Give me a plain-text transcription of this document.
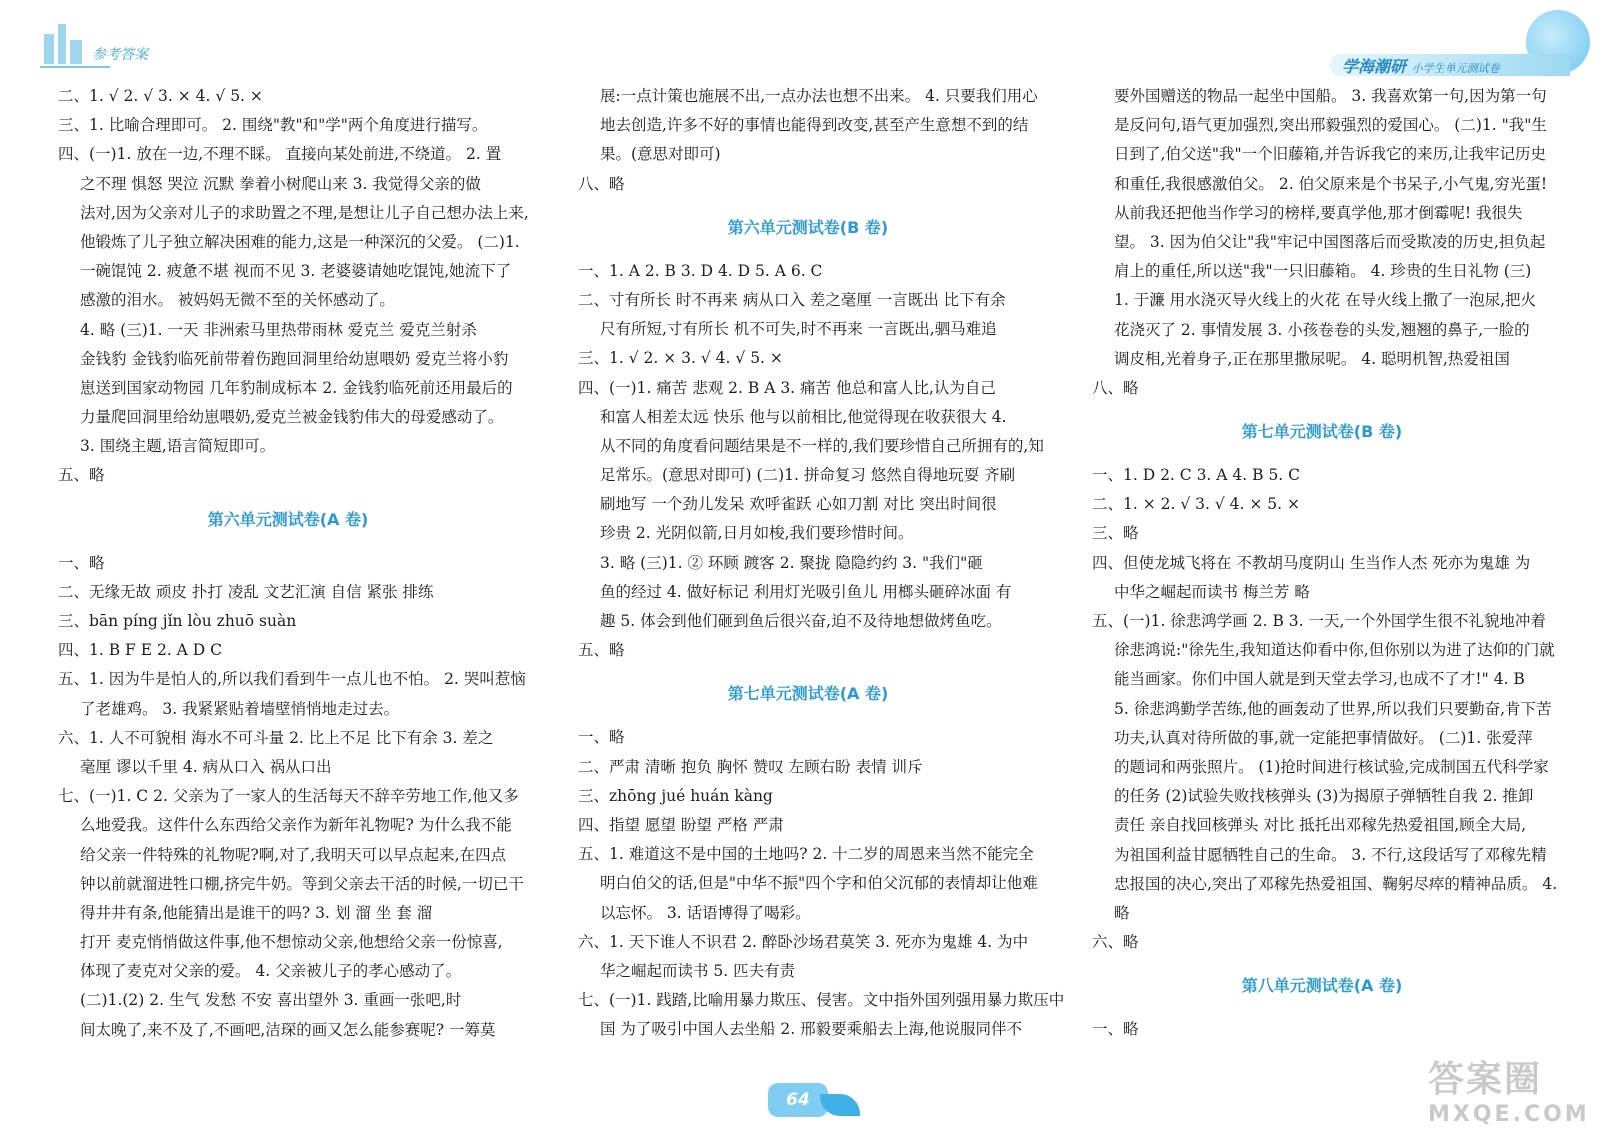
参考答案
学海潮研 小学生单元测试卷
二、1. √ 2. √ 3. × 4. √ 5. ×
三、1. 比喻合理即可。 2. 围绕"教"和"学"两个角度进行描写。
四、(一)1. 放在一边,不理不睬。 直接向某处前进,不绕道。 2. 置
之不理 惧怒 哭泣 沉默 拳着小树爬山来 3. 我觉得父亲的做
法对,因为父亲对儿子的求助置之不理,是想让儿子自己想办法上来,
他锻炼了儿子独立解决困难的能力,这是一种深沉的父爱。 (二)1.
一碗馄饨 2. 疲惫不堪 视而不见 3. 老婆婆请她吃馄饨,她流下了
感激的泪水。 被妈妈无微不至的关怀感动了。
4. 略 (三)1. 一天 非洲索马里热带雨林 爱克兰 爱克兰射杀
金钱豹 金钱豹临死前带着伤跑回洞里给幼崽喂奶 爱克兰将小豹
崽送到国家动物园 几年豹制成标本 2. 金钱豹临死前还用最后的
力量爬回洞里给幼崽喂奶,爱克兰被金钱豹伟大的母爱感动了。
3. 围绕主题,语言简短即可。
五、略
第六单元测试卷(A 卷)
一、略
二、无缘无故 顽皮 扑打 凌乱 文艺汇演 自信 紧张 排练
三、bān píng jǐn lòu zhuō suàn
四、1. B F E 2. A D C
五、1. 因为牛是怕人的,所以我们看到牛一点儿也不怕。 2. 哭叫惹恼
了老雄鸡。 3. 我紧紧贴着墙壁悄悄地走过去。
六、1. 人不可貌相 海水不可斗量 2. 比上不足 比下有余 3. 差之
毫厘 谬以千里 4. 病从口入 祸从口出
七、(一)1. C 2. 父亲为了一家人的生活每天不辞辛劳地工作,他又多
么地爱我。这件什么东西给父亲作为新年礼物呢? 为什么我不能
给父亲一件特殊的礼物呢?啊,对了,我明天可以早点起来,在四点
钟以前就溜进牲口棚,挤完牛奶。等到父亲去干活的时候,一切已干
得井井有条,他能猜出是谁干的吗? 3. 划 溜 坐 套 溜
打开 麦克悄悄做这件事,他不想惊动父亲,他想给父亲一份惊喜,
体现了麦克对父亲的爱。 4. 父亲被儿子的孝心感动了。
(二)1.(2) 2. 生气 发愁 不安 喜出望外 3. 重画一张吧,时
间太晚了,来不及了,不画吧,洁琛的画又怎么能参赛呢? 一筹莫
展:一点计策也施展不出,一点办法也想不出来。 4. 只要我们用心
地去创造,许多不好的事情也能得到改变,甚至产生意想不到的结
果。(意思对即可)
八、略
第六单元测试卷(B 卷)
一、1. A 2. B 3. D 4. D 5. A 6. C
二、寸有所长 时不再来 病从口入 差之毫厘 一言既出 比下有余
尺有所短,寸有所长 机不可失,时不再来 一言既出,驷马难追
三、1. √ 2. × 3. √ 4. √ 5. ×
四、(一)1. 痛苦 悲观 2. B A 3. 痛苦 他总和富人比,认为自己
和富人相差太远 快乐 他与以前相比,他觉得现在收获很大 4.
从不同的角度看问题结果是不一样的,我们要珍惜自己所拥有的,知
足常乐。(意思对即可) (二)1. 拼命复习 悠然自得地玩耍 齐刷
刷地写 一个劲儿发呆 欢呼雀跃 心如刀割 对比 突出时间很
珍贵 2. 光阴似箭,日月如梭,我们要珍惜时间。
3. 略 (三)1. ② 环顾 踱客 2. 聚拢 隐隐约约 3. "我们"砸
鱼的经过 4. 做好标记 利用灯光吸引鱼儿 用榔头砸碎冰面 有
趣 5. 体会到他们砸到鱼后很兴奋,迫不及待地想做烤鱼吃。
五、略
第七单元测试卷(A 卷)
一、略
二、严肃 清晰 抱负 胸怀 赞叹 左顾右盼 表情 训斥
三、zhōng jué huán kàng
四、指望 愿望 盼望 严格 严肃
五、1. 难道这不是中国的土地吗? 2. 十二岁的周恩来当然不能完全
明白伯父的话,但是"中华不振"四个字和伯父沉郁的表情却让他难
以忘怀。 3. 话语博得了喝彩。
六、1. 天下谁人不识君 2. 醉卧沙场君莫笑 3. 死亦为鬼雄 4. 为中
华之崛起而读书 5. 匹夫有责
七、(一)1. 践踏,比喻用暴力欺压、侵害。文中指外国列强用暴力欺压中
国 为了吸引中国人去坐船 2. 邢毅要乘船去上海,他说服同伴不
要外国赠送的物品一起坐中国船。 3. 我喜欢第一句,因为第一句
是反问句,语气更加强烈,突出邢毅强烈的爱国心。 (二)1. "我"生
日到了,伯父送"我"一个旧藤箱,并告诉我它的来历,让我牢记历史
和重任,我很感激伯父。 2. 伯父原来是个书呆子,小气鬼,穷光蛋!
从前我还把他当作学习的榜样,要真学他,那才倒霉呢! 我很失
望。 3. 因为伯父让"我"牢记中国图落后而受欺凌的历史,担负起
肩上的重任,所以送"我"一只旧藤箱。 4. 珍贵的生日礼物 (三)
1. 于濂 用水浇灭导火线上的火花 在导火线上撒了一泡尿,把火
花浇灭了 2. 事情发展 3. 小孩卷卷的头发,翘翘的鼻子,一脸的
调皮相,光着身子,正在那里撒尿呢。 4. 聪明机智,热爱祖国
八、略
第七单元测试卷(B 卷)
一、1. D 2. C 3. A 4. B 5. C
二、1. × 2. √ 3. √ 4. × 5. ×
三、略
四、但使龙城飞将在 不教胡马度阴山 生当作人杰 死亦为鬼雄 为
中华之崛起而读书 梅兰芳 略
五、(一)1. 徐悲鸿学画 2. B 3. 一天,一个外国学生很不礼貌地冲着
徐悲鸿说:"徐先生,我知道达仰看中你,但你别以为进了达仰的门就
能当画家。你们中国人就是到天堂去学习,也成不了才!" 4. B
5. 徐悲鸿勤学苦练,他的画轰动了世界,所以我们只要勤奋,肯下苦
功夫,认真对待所做的事,就一定能把事情做好。 (二)1. 张爱萍
的题词和两张照片。 (1)抢时间进行核试验,完成制国五代科学家
的任务 (2)试验失败找核弹头 (3)为揭原子弹牺牲自我 2. 推卸
责任 亲自找回核弹头 对比 抵托出邓稼先热爱祖国,顾全大局,
为祖国利益甘愿牺牲自己的生命。 3. 不行,这段话写了邓稼先精
忠报国的决心,突出了邓稼先热爱祖国、鞠躬尽瘁的精神品质。 4.
略
六、略
第八单元测试卷(A 卷)
一、略
64	答案圈
MXQE.COM
